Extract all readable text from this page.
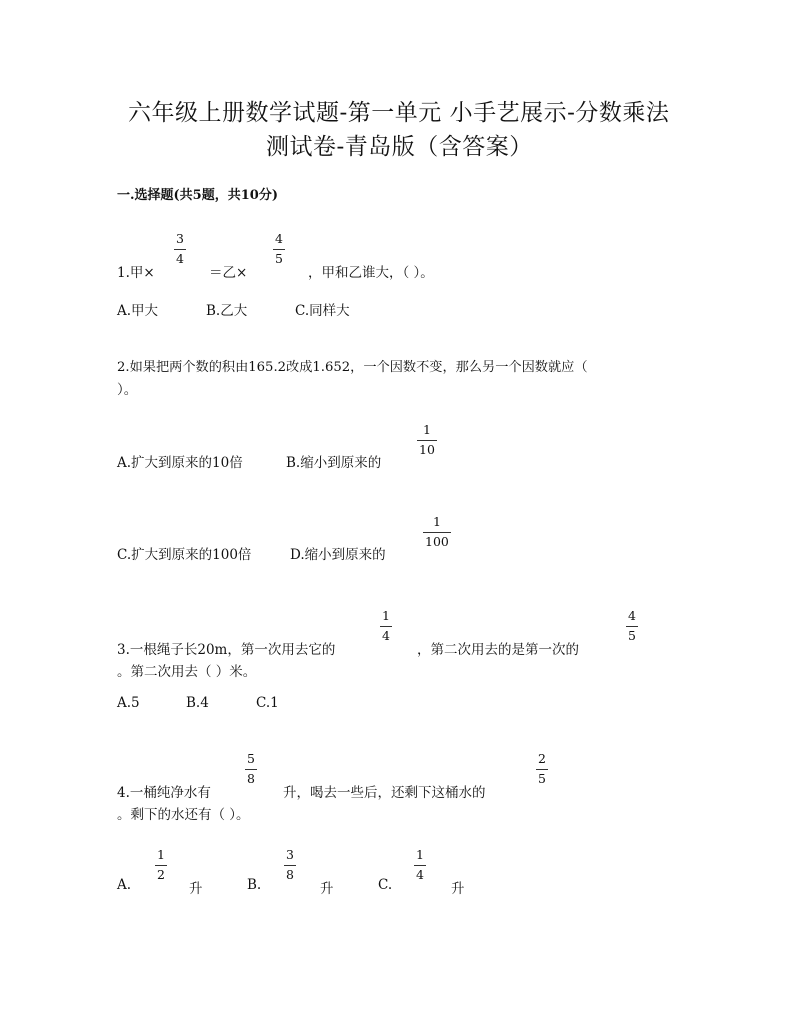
六年级上册数学试题-第一单元 小手艺展示-分数乘法
测试卷-青岛版（含答案）
一.选择题(共5题，共10分)
1.甲×
3
4
＝乙×
4
5
，甲和乙谁大，（ ）。
A.甲大	B.乙大	C.同样大
2.如果把两个数的积由165.2改成1.652，一个因数不变，那么另一个因数就应（
）。
A.扩大到原来的10倍	B.缩小到原来的
1
10
C.扩大到原来的100倍	D.缩小到原来的
1
100
3.一根绳子长20m，第一次用去它的
1
4
，第二次用去的是第一次的
4
5
。第二次用去（ ）米。
A.5	B.4	C.1
4.一桶纯净水有
5
8
升，喝去一些后，还剩下这桶水的
2
5
。剩下的水还有（ ）。
A.
1
2
升	B.
3
8
升	C.
1
4
升
